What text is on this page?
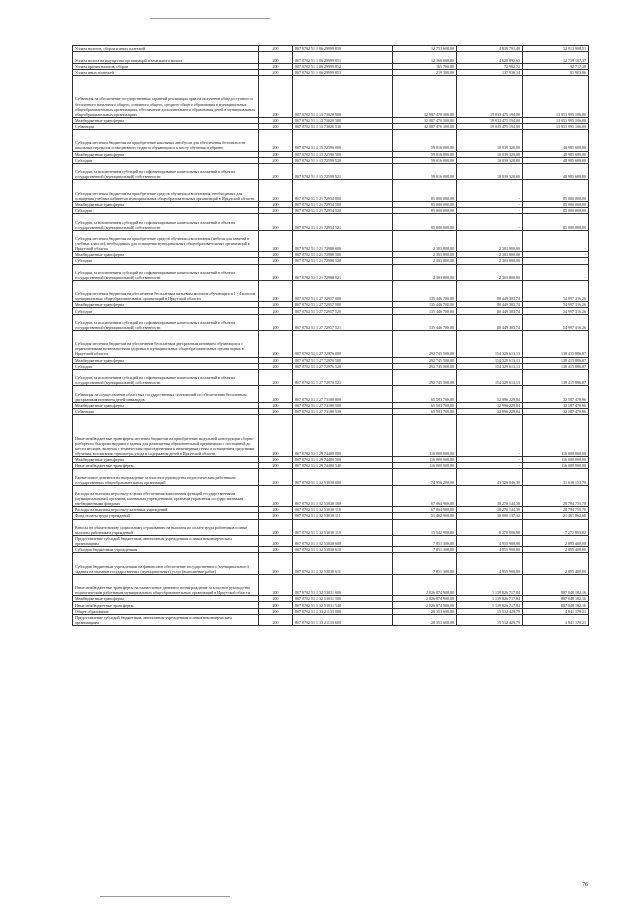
Уплата налогов, сборов и иных платежей	200	807 0702 51 1 06 29999 850	12 753 600,00	4 839 791,49	12 913 908,51
Уплата налога на имущество организаций и земельного налога	200	807 0702 51 1 06 29999 851	12 366 600,00	4 628 892,63	12 739 107,37
Уплата прочих налогов, сборов	200	807 0702 51 1 06 29999 852	165 700,00	72 982,72	92 717,28
Уплата иных платежей	200	807 0702 51 1 06 29999 853	219 300,00	137 936,14	81 903,86
Субвенция на обеспечение государственных гарантий реализации прав на получение общедоступного и бесплатного начального общего, основного общего, среднего общего образования в муниципальных общеобразовательных организациях, обеспечение дополнительного образования детей в муниципальных общеобразовательных организациях	200	807 0702 51 1 13 73020 000	32 087 470 300,00	19 033 475 194,00	13 053 995 106,00
Межбюджетные трансферты	200	807 0702 51 1 13 73020 500	32 087 470 300,00	19 033 475 194,00	13 053 995 106,00
Субвенции	200	807 0702 51 1 13 73020 530	32 087 470 300,00	19 033 475 194,00	13 053 995 106,00
Субсидия местным бюджетам на приобретение школьных автобусов для обеспечения безопасности школьных перевозок и ежедневного подвоза обучающихся к месту обучения и обратно	200	807 0702 51 1 15 72590 000	59 016 000,00	10 030 320,00	48 985 680,00
Межбюджетные трансферты	200	807 0702 51 1 15 72590 500	59 016 000,00	10 030 320,00	48 985 680,00
Субсидии	200	807 0702 51 1 15 72590 520	59 016 000,00	10 030 320,00	48 985 680,00
Субсидии, за исключением субсидий на софинансирование капитальных вложений в объекты государственной (муниципальной) собственности	200	807 0702 51 1 15 72590 521	59 016 000,00	10 030 320,00	48 985 680,00
Субсидия местным бюджетам на приобретение средств обучения и воспитания, необходимых для оснащения учебных кабинетов муниципальных общеобразовательных организаций в Иркутской области	200	807 0702 51 1 21 72954 000	85 000 000,00	-	85 000 000,00
Межбюджетные трансферты	200	807 0702 51 1 21 72954 500	85 000 000,00	-	85 000 000,00
Субсидии	200	807 0702 51 1 21 72954 520	85 000 000,00	-	85 000 000,00
Субсидии, за исключением субсидий на софинансирование капитальных вложений в объекты государственной (муниципальной) собственности	200	807 0702 51 1 21 72954 521	85 000 000,00	-	85 000 000,00
Субсидия местным бюджетам на приобретение средств обучения и воспитания (мебели для занятий в учебных классах), необходимых для оснащения муниципальных общеобразовательных организаций в Иркутской области	200	807 0702 51 1 21 72988 000	2 303 800,00	2 303 800,00	-
Межбюджетные трансферты	200	807 0702 51 1 21 72988 500	2 303 800,00	2 303 800,00	-
Субсидии	200	807 0702 51 1 21 72988 520	2 303 800,00	2 303 800,00	-
Субсидии, за исключением субсидий на софинансирование капитальных вложений в объекты государственной (муниципальной) собственности	200	807 0702 51 1 21 72988 521	2 303 800,00	2 303 800,00	-
Субсидия местным бюджетам на обеспечение бесплатным питьевым молоком обучающихся 1 - 4 классов муниципальных общеобразовательных организаций в Иркутской области	200	807 0702 51 1 27 72957 000	135 446 700,00	80 449 383,74	54 997 316,26
Межбюджетные трансферты	200	807 0702 51 1 27 72957 500	135 446 700,00	80 449 383,74	54 997 316,26
Субсидии	200	807 0702 51 1 27 72957 520	135 446 700,00	80 449 383,74	54 997 316,26
Субсидии, за исключением субсидий на софинансирование капитальных вложений в объекты государственной (муниципальной) собственности	200	807 0702 51 1 27 72957 521	135 446 700,00	80 449 383,74	54 997 316,26
Субсидия местным бюджетам на обеспечение бесплатным двухразовым питанием обучающихся с ограниченными возможностями здоровья в муниципальных общеобразовательных организациях в Иркутской области	200	807 0702 51 1 27 72976 000	292 745 500,00	154 329 613,13	138 415 886,87
Межбюджетные трансферты	200	807 0702 51 1 27 72976 500	292 745 500,00	154 329 613,13	138 415 886,87
Субсидии	200	807 0702 51 1 27 72976 520	292 745 500,00	154 329 613,13	138 415 886,87
Субсидии, за исключением субсидий на софинансирование капитальных вложений в объекты государственной (муниципальной) собственности	200	807 0702 51 1 27 72976 521	292 745 500,00	154 329 613,13	138 415 886,87
Субвенция на осуществление областных государственных полномочий по обеспечению бесплатным двухразовым питанием детей-инвалидов	200	807 0702 51 1 27 73180 000	65 583 700,00	32 996 229,04	32 587 470,96
Межбюджетные трансферты	200	807 0702 51 1 27 73180 500	65 583 700,00	32 996 229,04	32 587 470,96
Субвенции	200	807 0702 51 1 27 73180 530	65 583 700,00	32 996 229,04	32 587 470,96
Иные межбюджетные трансферты местным бюджетам на приобретение модульной конструкции сборно-разборного быстровозводимого здания для размещения образовательной организации с постоянной до шести месяцев, включая с техническим присоединением к инженерным сетям и оснащением средствами обучения, воспитания, присмотра, ухода и содержания детей в Иркутской области	200	807 0702 51 1 29 74400 000	116 000 000,00	-	116 000 000,00
Межбюджетные трансферты	200	807 0702 51 1 29 74400 500	116 000 000,00	-	116 000 000,00
Иные межбюджетные трансферты	200	807 0702 51 1 29 74400 540	116 000 000,00	-	116 000 000,00
Ежемесячное денежное вознаграждение за классное руководство педагогическим работникам государственных общеобразовательных организаций	200	807 0702 51 1 32 53030 000	74 956 200,00	43 326 046,30	31 630 153,70
Расходы на выплаты персоналу в целях обеспечения выполнения функций государственными (муниципальными) органами, казенными учреждениями, органами управления государственными внебюджетными фондами	200	807 0702 51 1 32 53030 100	67 064 900,00	38 270 144,30	28 794 755,70
Расходы на выплаты персоналу казенных учреждений	200	807 0702 51 1 32 53030 110	67 064 900,00	38 270 144,30	28 794 755,70
Фонд оплаты труда учреждений	200	807 0702 51 1 32 53030 111	51 462 000,00	30 000 137,32	21 461 862,68
Взносы по обязательному социальному страхованию на выплаты по оплате труда работников и иные выплаты работникам учреждений	200	807 0702 51 1 32 53030 119	15 542 900,00	8 270 006,98	7 272 893,02
Предоставление субсидий бюджетным, автономным учреждениям и иным некоммерческим организациям	200	807 0702 51 1 32 53030 600	7 851 300,00	4 955 900,00	2 895 400,00
Субсидии бюджетным учреждениям	200	807 0702 51 1 32 53030 610	7 851 300,00	4 955 900,00	2 895 400,00
Субсидии бюджетным учреждениям на финансовое обеспечение государственного (муниципального) задания на оказание государственных (муниципальных) услуг (выполнение работ)	200	807 0702 51 1 32 53030 611	7 851 300,00	4 955 900,00	2 895 400,00
Иные межбюджетные трансферты на ежемесячное денежное вознаграждение за классное руководство педагогическим работникам муниципальных общеобразовательных организаций в Иркутской области	200	807 0702 51 1 32 53031 000	2 026 874 900,00	1 139 826 717,84	887 048 182,16
Межбюджетные трансферты	200	807 0702 51 1 32 53031 500	2 026 874 900,00	1 139 826 717,84	887 048 182,16
Иные межбюджетные трансферты	200	807 0702 51 1 32 53031 540	2 026 874 900,00	1 139 826 717,84	887 048 182,16
Общее образование	200	807 0702 51 1 33 21133 000	20 353 600,00	15 512 429,79	4 841 170,21
Предоставление субсидий бюджетным, автономным учреждениям и иным некоммерческим организациям	200	807 0702 51 1 33 21133 600	20 353 600,00	15 512 429,79	4 841 170,21
76
